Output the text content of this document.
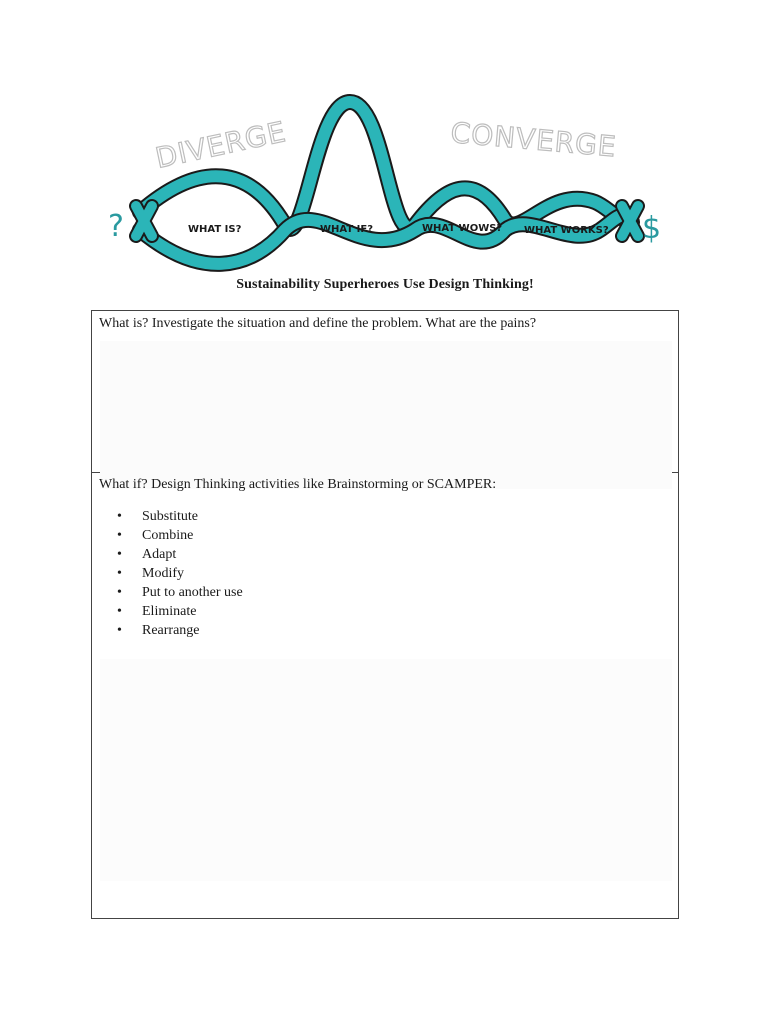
DIVERGE	CONVERGE
?	$
WHAT IS?	WHAT IF?	WHAT WOWS? WHAT WORKS?
Sustainability Superheroes Use Design Thinking!
What is? Investigate the situation and define the problem. What are the pains?
What if? Design Thinking activities like Brainstorming or SCAMPER:
• Substitute
• Combine
• Adapt
• Modify
• Put to another use
• Eliminate
• Rearrange
